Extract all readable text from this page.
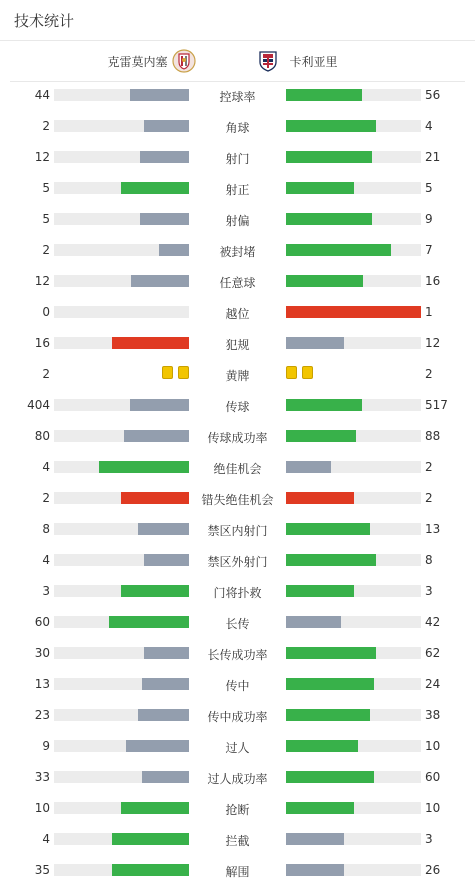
技术统计
克雷莫内塞	卡利亚里
44	控球率	56
2	角球	4
12	射门	21
5	射正	5
5	射偏	9
2	被封堵	7
12	任意球	16
0	越位	1
16	犯规	12
2	黄牌	2
404	传球	517
80	传球成功率	88
4	绝佳机会	2
2	错失绝佳机会	2
8	禁区内射门	13
4	禁区外射门	8
3	门将扑救	3
60	长传	42
30	长传成功率	62
13	传中	24
23	传中成功率	38
9	过人	10
33	过人成功率	60
10	抢断	10
4	拦截	3
35	解围	26
